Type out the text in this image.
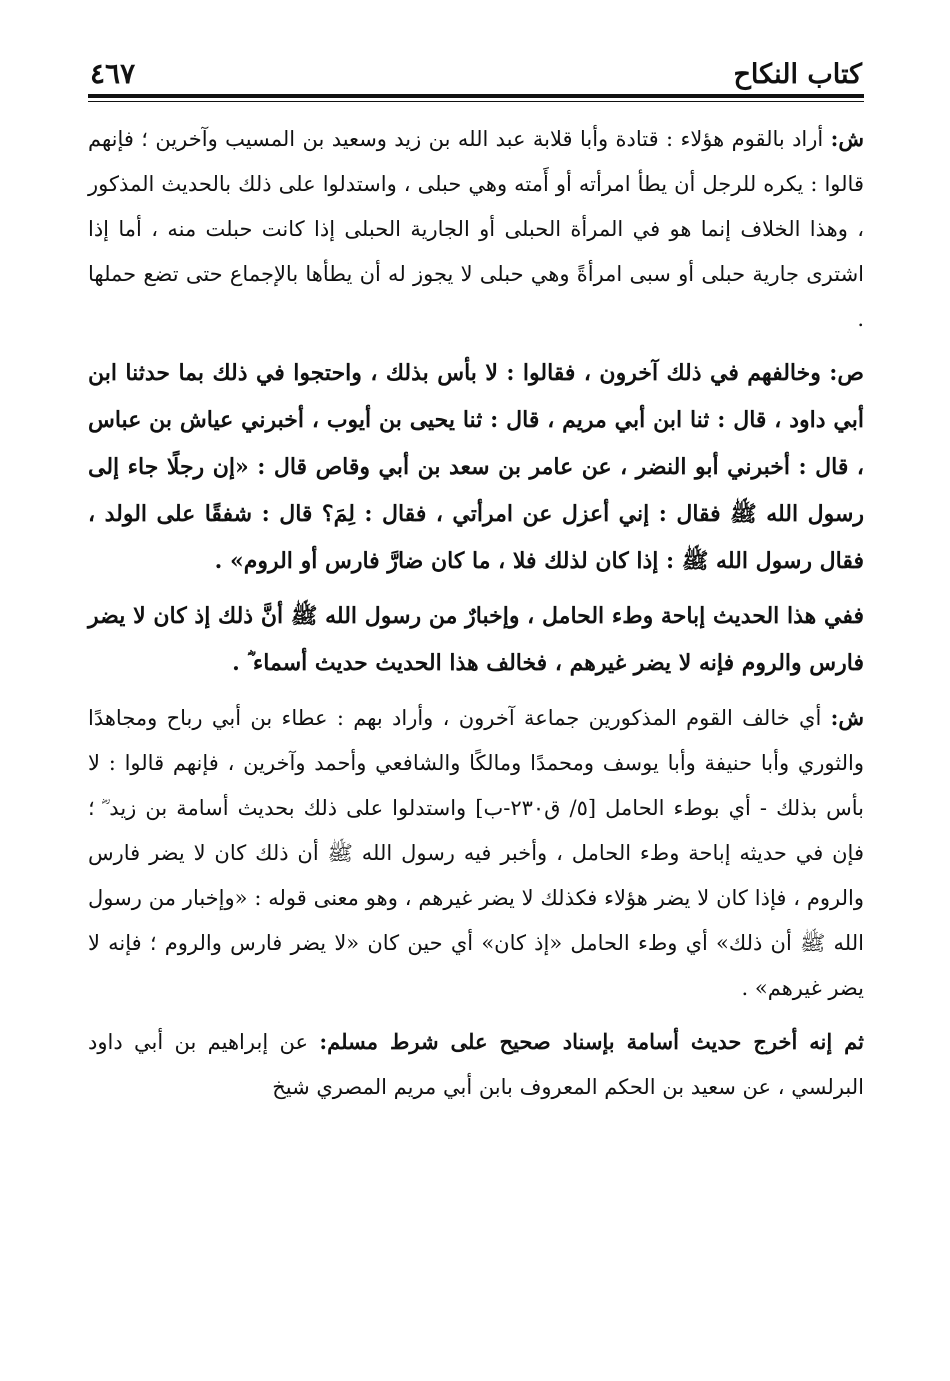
كتاب النكاح
٤٦٧

ش: أراد بالقوم هؤلاء : قتادة وأبا قلابة عبد الله بن زيد وسعيد بن المسيب وآخرين ؛ فإنهم قالوا : يكره للرجل أن يطأ امرأته أو أَمته وهي حبلى ، واستدلوا على ذلك بالحديث المذكور ، وهذا الخلاف إنما هو في المرأة الحبلى أو الجارية الحبلى إذا كانت حبلت منه ، أما إذا اشترى جارية حبلى أو سبى امرأةً وهي حبلى لا يجوز له أن يطأها بالإجماع حتى تضع حملها .

ص: وخالفهم في ذلك آخرون ، فقالوا : لا بأس بذلك ، واحتجوا في ذلك بما حدثنا ابن أبي داود ، قال : ثنا ابن أبي مريم ، قال : ثنا يحيى بن أيوب ، أخبرني عياش بن عباس ، قال : أخبرني أبو النضر ، عن عامر بن سعد بن أبي وقاص قال : «إن رجلًا جاء إلى رسول الله ﷺ فقال : إني أعزل عن امرأتي ، فقال : لِمَ؟ قال : شفقًا على الولد ، فقال رسول الله ﷺ : إذا كان لذلك فلا ، ما كان ضارَّ فارس أو الروم» .

ففي هذا الحديث إباحة وطء الحامل ، وإخبارٌ من رسول الله ﷺ أنَّ ذلك إذ كان لا يضر فارس والروم فإنه لا يضر غيرهم ، فخالف هذا الحديث حديث أسماء ؓ .

ش: أي خالف القوم المذكورين جماعة آخرون ، وأراد بهم : عطاء بن أبي رباح ومجاهدًا والثوري وأبا حنيفة وأبا يوسف ومحمدًا ومالكًا والشافعي وأحمد وآخرين ، فإنهم قالوا : لا بأس بذلك - أي بوطء الحامل [٥/ ق٢٣٠-ب] واستدلوا على ذلك بحديث أسامة بن زيد ؓ ؛ فإن في حديثه إباحة وطء الحامل ، وأخبر فيه رسول الله ﷺ أن ذلك كان لا يضر فارس والروم ، فإذا كان لا يضر هؤلاء فكذلك لا يضر غيرهم ، وهو معنى قوله : «وإخبار من رسول الله ﷺ أن ذلك» أي وطء الحامل «إذ كان» أي حين كان «لا يضر فارس والروم ؛ فإنه لا يضر غيرهم» .

ثم إنه أخرج حديث أسامة بإسناد صحيح على شرط مسلم: عن إبراهيم بن أبي داود البرلسي ، عن سعيد بن الحكم المعروف بابن أبي مريم المصري شيخ
